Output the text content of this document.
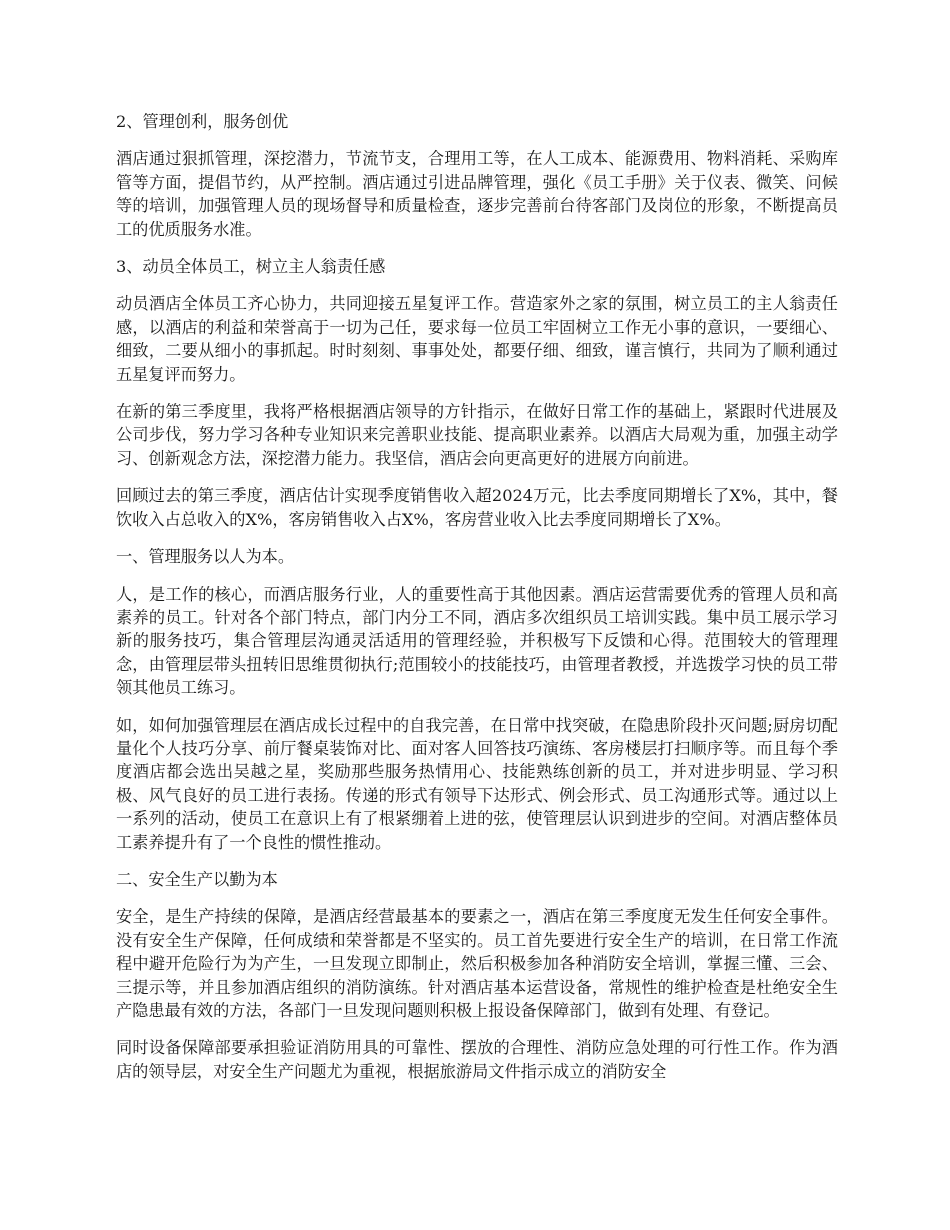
2、管理创利，服务创优

酒店通过狠抓管理，深挖潜力，节流节支，合理用工等，在人工成本、能源费用、物料消耗、采购库管等方面，提倡节约，从严控制。酒店通过引进品牌管理，强化《员工手册》关于仪表、微笑、问候等的培训，加强管理人员的现场督导和质量检查，逐步完善前台待客部门及岗位的形象，不断提高员工的优质服务水准。

3、动员全体员工，树立主人翁责任感

动员酒店全体员工齐心协力，共同迎接五星复评工作。营造家外之家的氛围，树立员工的主人翁责任感，以酒店的利益和荣誉高于一切为己任，要求每一位员工牢固树立工作无小事的意识，一要细心、细致，二要从细小的事抓起。时时刻刻、事事处处，都要仔细、细致，谨言慎行，共同为了顺利通过五星复评而努力。

在新的第三季度里，我将严格根据酒店领导的方针指示，在做好日常工作的基础上，紧跟时代进展及公司步伐，努力学习各种专业知识来完善职业技能、提高职业素养。以酒店大局观为重，加强主动学习、创新观念方法，深挖潜力能力。我坚信，酒店会向更高更好的进展方向前进。

回顾过去的第三季度，酒店估计实现季度销售收入超2024万元，比去季度同期增长了X%，其中，餐饮收入占总收入的X%，客房销售收入占X%，客房营业收入比去季度同期增长了X%。

一、管理服务以人为本。

人，是工作的核心，而酒店服务行业，人的重要性高于其他因素。酒店运营需要优秀的管理人员和高素养的员工。针对各个部门特点，部门内分工不同，酒店多次组织员工培训实践。集中员工展示学习新的服务技巧，集合管理层沟通灵活适用的管理经验，并积极写下反馈和心得。范围较大的管理理念，由管理层带头扭转旧思维贯彻执行;范围较小的技能技巧，由管理者教授，并选拨学习快的员工带领其他员工练习。

如，如何加强管理层在酒店成长过程中的自我完善，在日常中找突破，在隐患阶段扑灭问题;厨房切配量化个人技巧分享、前厅餐桌装饰对比、面对客人回答技巧演练、客房楼层打扫顺序等。而且每个季度酒店都会选出吴越之星，奖励那些服务热情用心、技能熟练创新的员工，并对进步明显、学习积极、风气良好的员工进行表扬。传递的形式有领导下达形式、例会形式、员工沟通形式等。通过以上一系列的活动，使员工在意识上有了根紧绷着上进的弦，使管理层认识到进步的空间。对酒店整体员工素养提升有了一个良性的惯性推动。

二、安全生产以勤为本

安全，是生产持续的保障，是酒店经营最基本的要素之一，酒店在第三季度度无发生任何安全事件。没有安全生产保障，任何成绩和荣誉都是不坚实的。员工首先要进行安全生产的培训，在日常工作流程中避开危险行为为产生，一旦发现立即制止，然后积极参加各种消防安全培训，掌握三懂、三会、三提示等，并且参加酒店组织的消防演练。针对酒店基本运营设备，常规性的维护检查是杜绝安全生产隐患最有效的方法，各部门一旦发现问题则积极上报设备保障部门，做到有处理、有登记。

同时设备保障部要承担验证消防用具的可靠性、摆放的合理性、消防应急处理的可行性工作。作为酒店的领导层，对安全生产问题尤为重视，根据旅游局文件指示成立的消防安全
